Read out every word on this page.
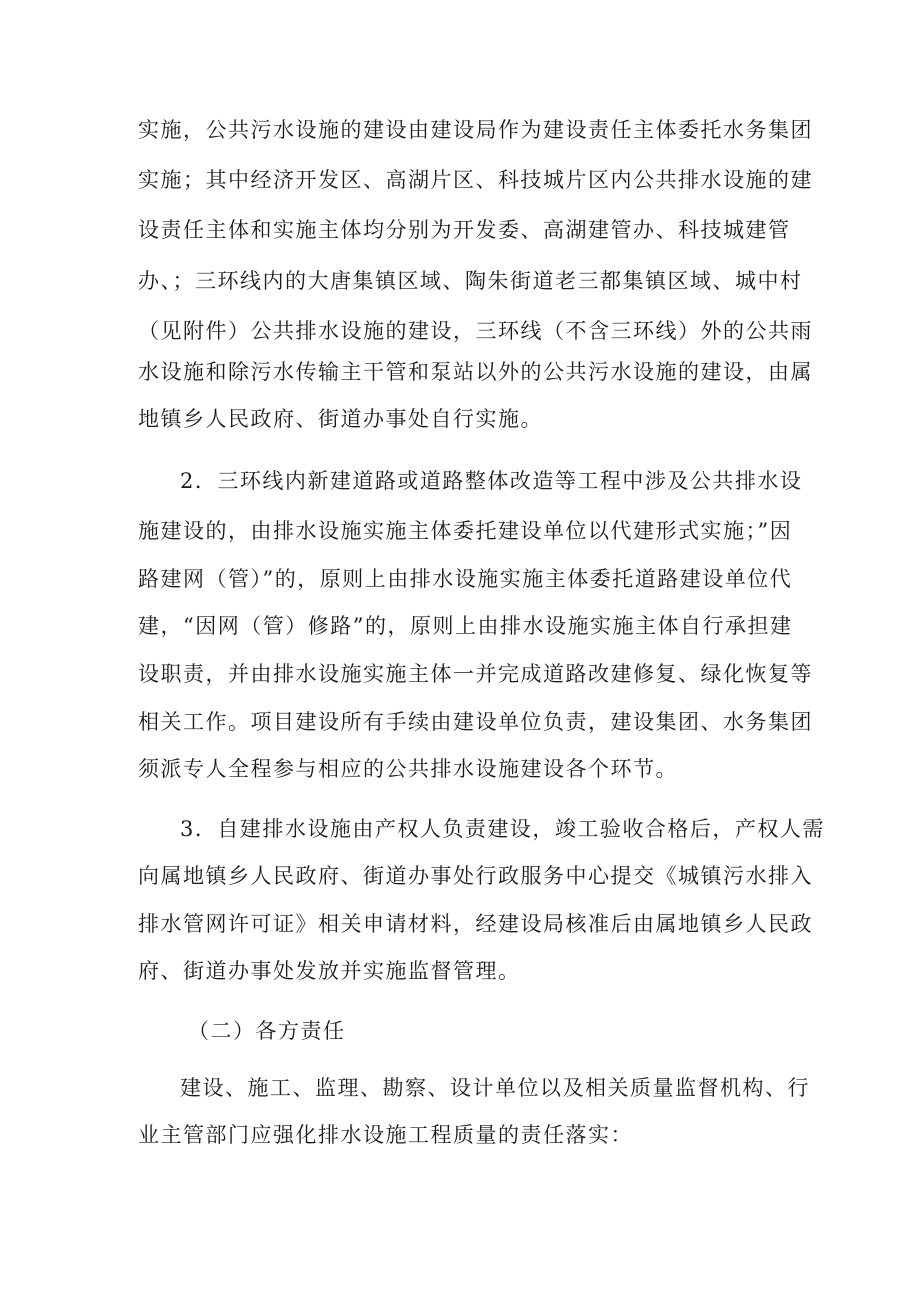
实施，公共污水设施的建设由建设局作为建设责任主体委托水务集团

实施；其中经济开发区、高湖片区、科技城片区内公共排水设施的建

设责任主体和实施主体均分别为开发委、高湖建管办、科技城建管

办、；三环线内的大唐集镇区域、陶朱街道老三都集镇区域、城中村

（见附件）公共排水设施的建设，三环线（不含三环线）外的公共雨

水设施和除污水传输主干管和泵站以外的公共污水设施的建设，由属

地镇乡人民政府、街道办事处自行实施。

2．三环线内新建道路或道路整体改造等工程中涉及公共排水设

施建设的，由排水设施实施主体委托建设单位以代建形式实施；”因

路建网（管）”的，原则上由排水设施实施主体委托道路建设单位代

建，“因网（管）修路”的，原则上由排水设施实施主体自行承担建

设职责，并由排水设施实施主体一并完成道路改建修复、绿化恢复等

相关工作。项目建设所有手续由建设单位负责，建设集团、水务集团

须派专人全程参与相应的公共排水设施建设各个环节。

3．自建排水设施由产权人负责建设，竣工验收合格后，产权人需

向属地镇乡人民政府、街道办事处行政服务中心提交《城镇污水排入

排水管网许可证》相关申请材料，经建设局核准后由属地镇乡人民政

府、街道办事处发放并实施监督管理。

（二）各方责任

建设、施工、监理、勘察、设计单位以及相关质量监督机构、行

业主管部门应强化排水设施工程质量的责任落实：
